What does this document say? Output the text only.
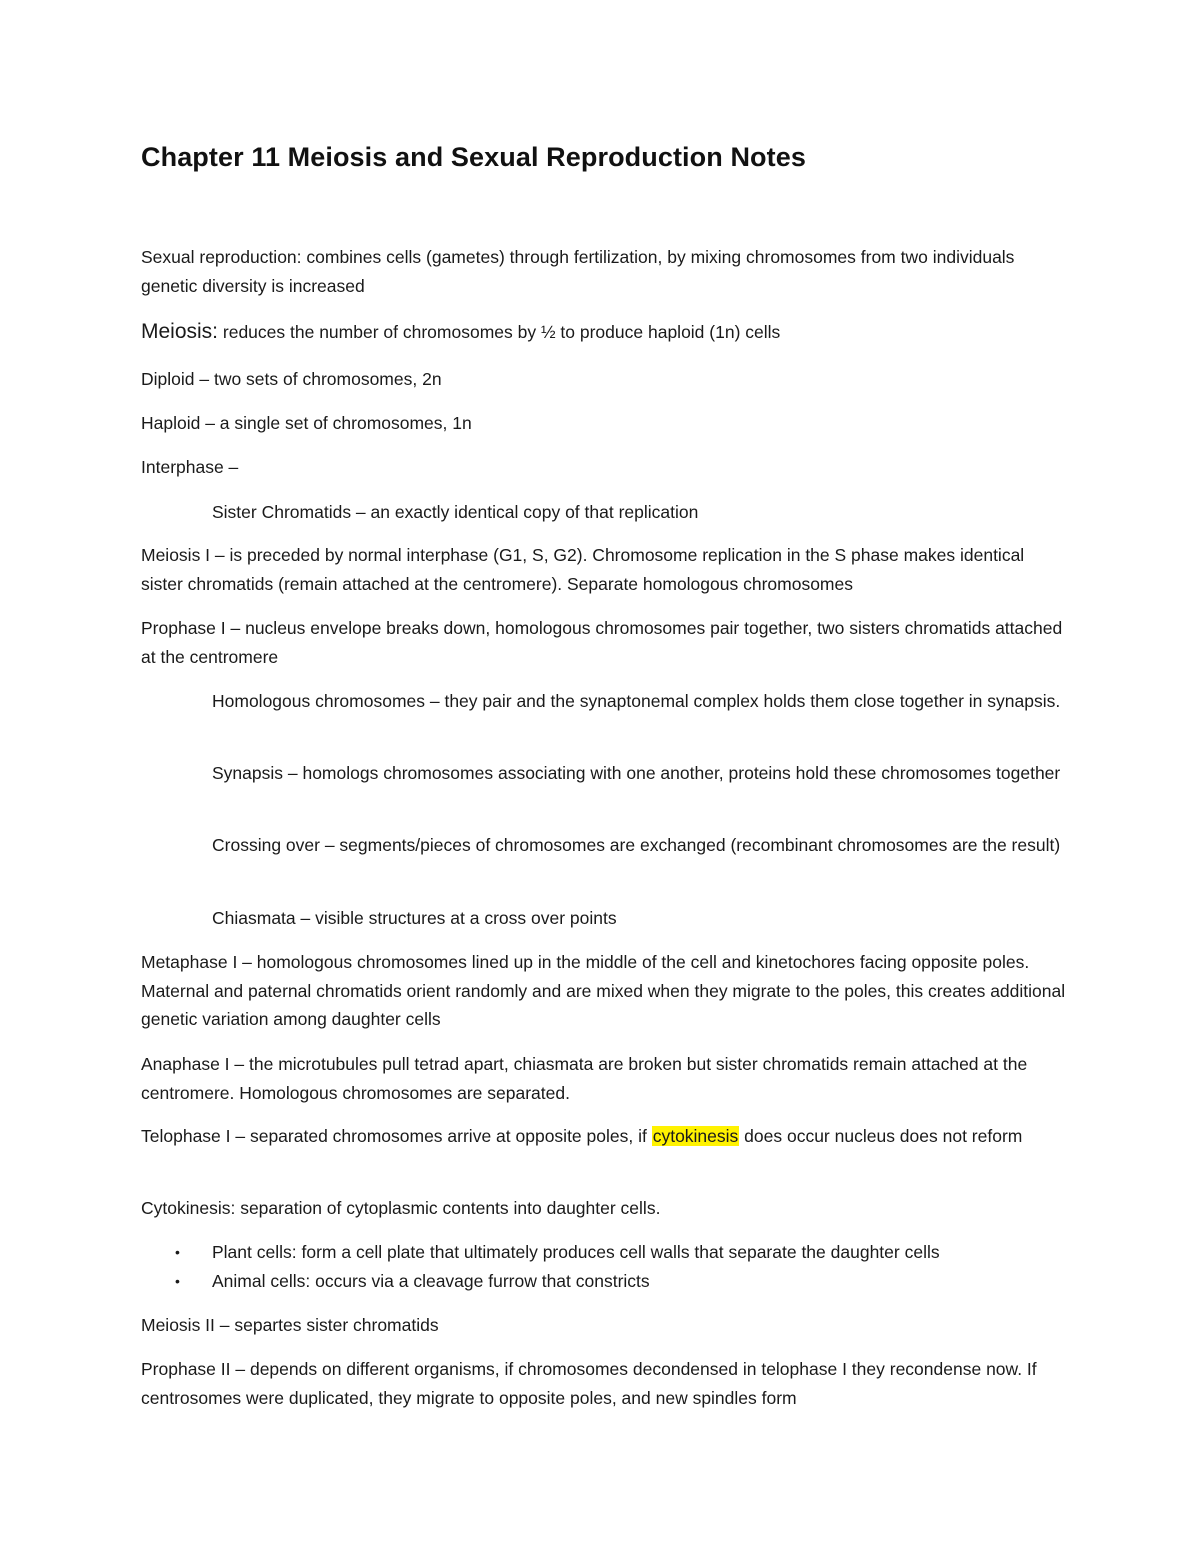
Chapter 11 Meiosis and Sexual Reproduction Notes

Sexual reproduction: combines cells (gametes) through fertilization, by mixing chromosomes from two individuals genetic diversity is increased

Meiosis: reduces the number of chromosomes by ½ to produce haploid (1n) cells

Diploid – two sets of chromosomes, 2n

Haploid – a single set of chromosomes, 1n

Interphase –

Sister Chromatids – an exactly identical copy of that replication

Meiosis I – is preceded by normal interphase (G1, S, G2). Chromosome replication in the S phase makes identical sister chromatids (remain attached at the centromere). Separate homologous chromosomes

Prophase I – nucleus envelope breaks down, homologous chromosomes pair together, two sisters chromatids attached at the centromere

Homologous chromosomes – they pair and the synaptonemal complex holds them close together in synapsis.

Synapsis – homologs chromosomes associating with one another, proteins hold these chromosomes together

Crossing over – segments/pieces of chromosomes are exchanged (recombinant chromosomes are the result)

Chiasmata – visible structures at a cross over points

Metaphase I – homologous chromosomes lined up in the middle of the cell and kinetochores facing opposite poles. Maternal and paternal chromatids orient randomly and are mixed when they migrate to the poles, this creates additional genetic variation among daughter cells

Anaphase I – the microtubules pull tetrad apart, chiasmata are broken but sister chromatids remain attached at the centromere. Homologous chromosomes are separated.

Telophase I – separated chromosomes arrive at opposite poles, if cytokinesis does occur nucleus does not reform

Cytokinesis: separation of cytoplasmic contents into daughter cells.

• Plant cells: form a cell plate that ultimately produces cell walls that separate the daughter cells
• Animal cells: occurs via a cleavage furrow that constricts

Meiosis II – separtes sister chromatids

Prophase II – depends on different organisms, if chromosomes decondensed in telophase I they recondense now. If centrosomes were duplicated, they migrate to opposite poles, and new spindles form
